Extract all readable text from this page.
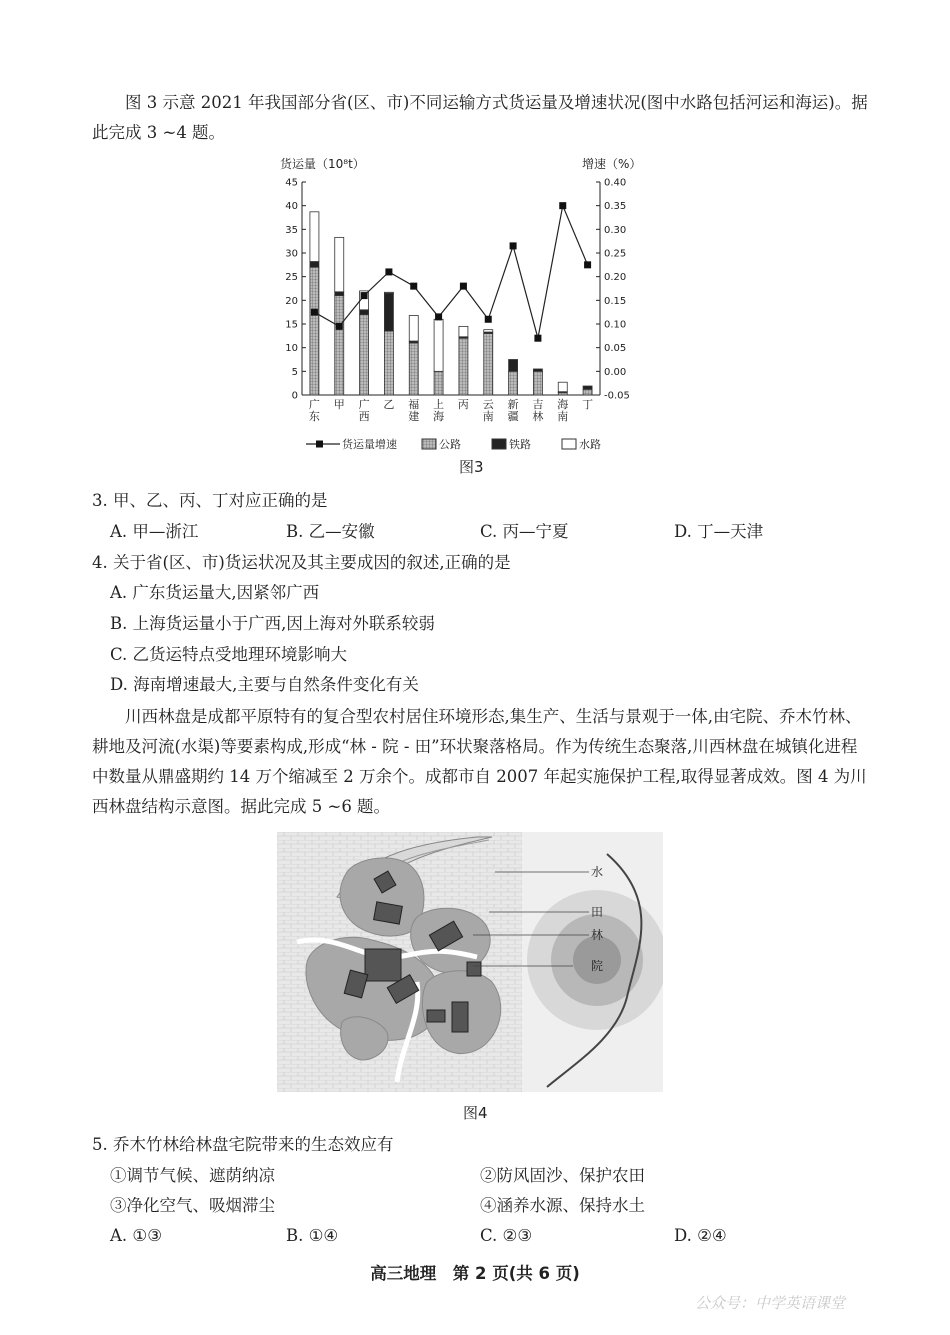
图 3 示意 2021 年我国部分省(区、市)不同运输方式货运量及增速状况(图中水路包括河运和海运)。据此完成 3 ~4 题。

货运量（10⁸t）	增速（%）
0
5
10
15
20
25
30
35
40
45
-0.05
0.00
0.05
0.10
0.15
0.20
0.25
0.30
0.35
0.40
广
东
甲 广
西
乙 福
建
上
海
丙 云
南
新
疆
吉
林
海
南
丁
货运量增速	公路	铁路	水路
图3

3. 甲、乙、丙、丁对应正确的是

A. 甲—浙江	B. 乙—安徽	C. 丙—宁夏	D. 丁—天津

4. 关于省(区、市)货运状况及其主要成因的叙述,正确的是

A. 广东货运量大,因紧邻广西
B. 上海货运量小于广西,因上海对外联系较弱
C. 乙货运特点受地理环境影响大
D. 海南增速最大,主要与自然条件变化有关

川西林盘是成都平原特有的复合型农村居住环境形态,集生产、生活与景观于一体,由宅院、乔木竹林、耕地及河流(水渠)等要素构成,形成“林 - 院 - 田”环状聚落格局。作为传统生态聚落,川西林盘在城镇化进程中数量从鼎盛期约 14 万个缩减至 2 万余个。成都市自 2007 年起实施保护工程,取得显著成效。图 4 为川西林盘结构示意图。据此完成 5 ~6 题。

水
田
林
院
图4

5. 乔木竹林给林盘宅院带来的生态效应有

①调节气候、遮荫纳凉	②防风固沙、保护农田
③净化空气、吸烟滞尘	④涵养水源、保持水土
A. ①③	B. ①④	C. ②③	D. ②④
高三地理　第 2 页(共 6 页)
公众号：中学英语课堂
